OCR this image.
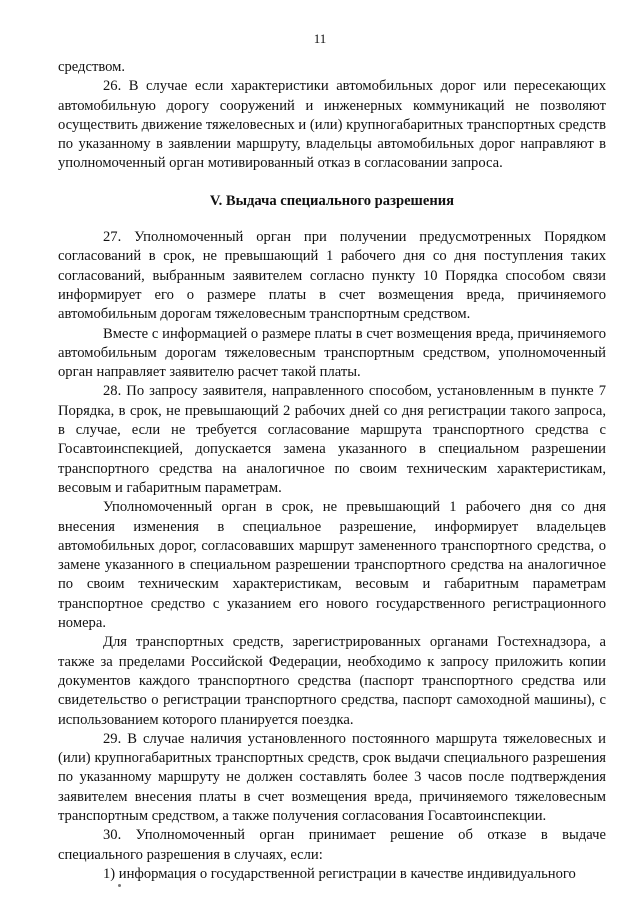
11

средством.

26. В случае если характеристики автомобильных дорог или пересекающих автомобильную дорогу сооружений и инженерных коммуникаций не позволяют осуществить движение тяжеловесных и (или) крупногабаритных транспортных средств по указанному в заявлении маршруту, владельцы автомобильных дорог направляют в уполномоченный орган мотивированный отказ в согласовании запроса.

V. Выдача специального разрешения

27. Уполномоченный орган при получении предусмотренных Порядком согласований в срок, не превышающий 1 рабочего дня со дня поступления таких согласований, выбранным заявителем согласно пункту 10 Порядка способом связи информирует его о размере платы в счет возмещения вреда, причиняемого автомобильным дорогам тяжеловесным транспортным средством.

Вместе с информацией о размере платы в счет возмещения вреда, причиняемого автомобильным дорогам тяжеловесным транспортным средством, уполномоченный орган направляет заявителю расчет такой платы.

28. По запросу заявителя, направленного способом, установленным в пункте 7 Порядка, в срок, не превышающий 2 рабочих дней со дня регистрации такого запроса, в случае, если не требуется согласование маршрута транспортного средства с Госавтоинспекцией, допускается замена указанного в специальном разрешении транспортного средства на аналогичное по своим техническим характеристикам, весовым и габаритным параметрам.

Уполномоченный орган в срок, не превышающий 1 рабочего дня со дня внесения изменения в специальное разрешение, информирует владельцев автомобильных дорог, согласовавших маршрут замененного транспортного средства, о замене указанного в специальном разрешении транспортного средства на аналогичное по своим техническим характеристикам, весовым и габаритным параметрам транспортное средство с указанием его нового государственного регистрационного номера.

Для транспортных средств, зарегистрированных органами Гостехнадзора, а также за пределами Российской Федерации, необходимо к запросу приложить копии документов каждого транспортного средства (паспорт транспортного средства или свидетельство о регистрации транспортного средства, паспорт самоходной машины), с использованием которого планируется поездка.

29. В случае наличия установленного постоянного маршрута тяжеловесных и (или) крупногабаритных транспортных средств, срок выдачи специального разрешения по указанному маршруту не должен составлять более 3 часов после подтверждения заявителем внесения платы в счет возмещения вреда, причиняемого тяжеловесным транспортным средством, а также получения согласования Госавтоинспекции.

30. Уполномоченный орган принимает решение об отказе в выдаче специального разрешения в случаях, если:

1) информация о государственной регистрации в качестве индивидуального
